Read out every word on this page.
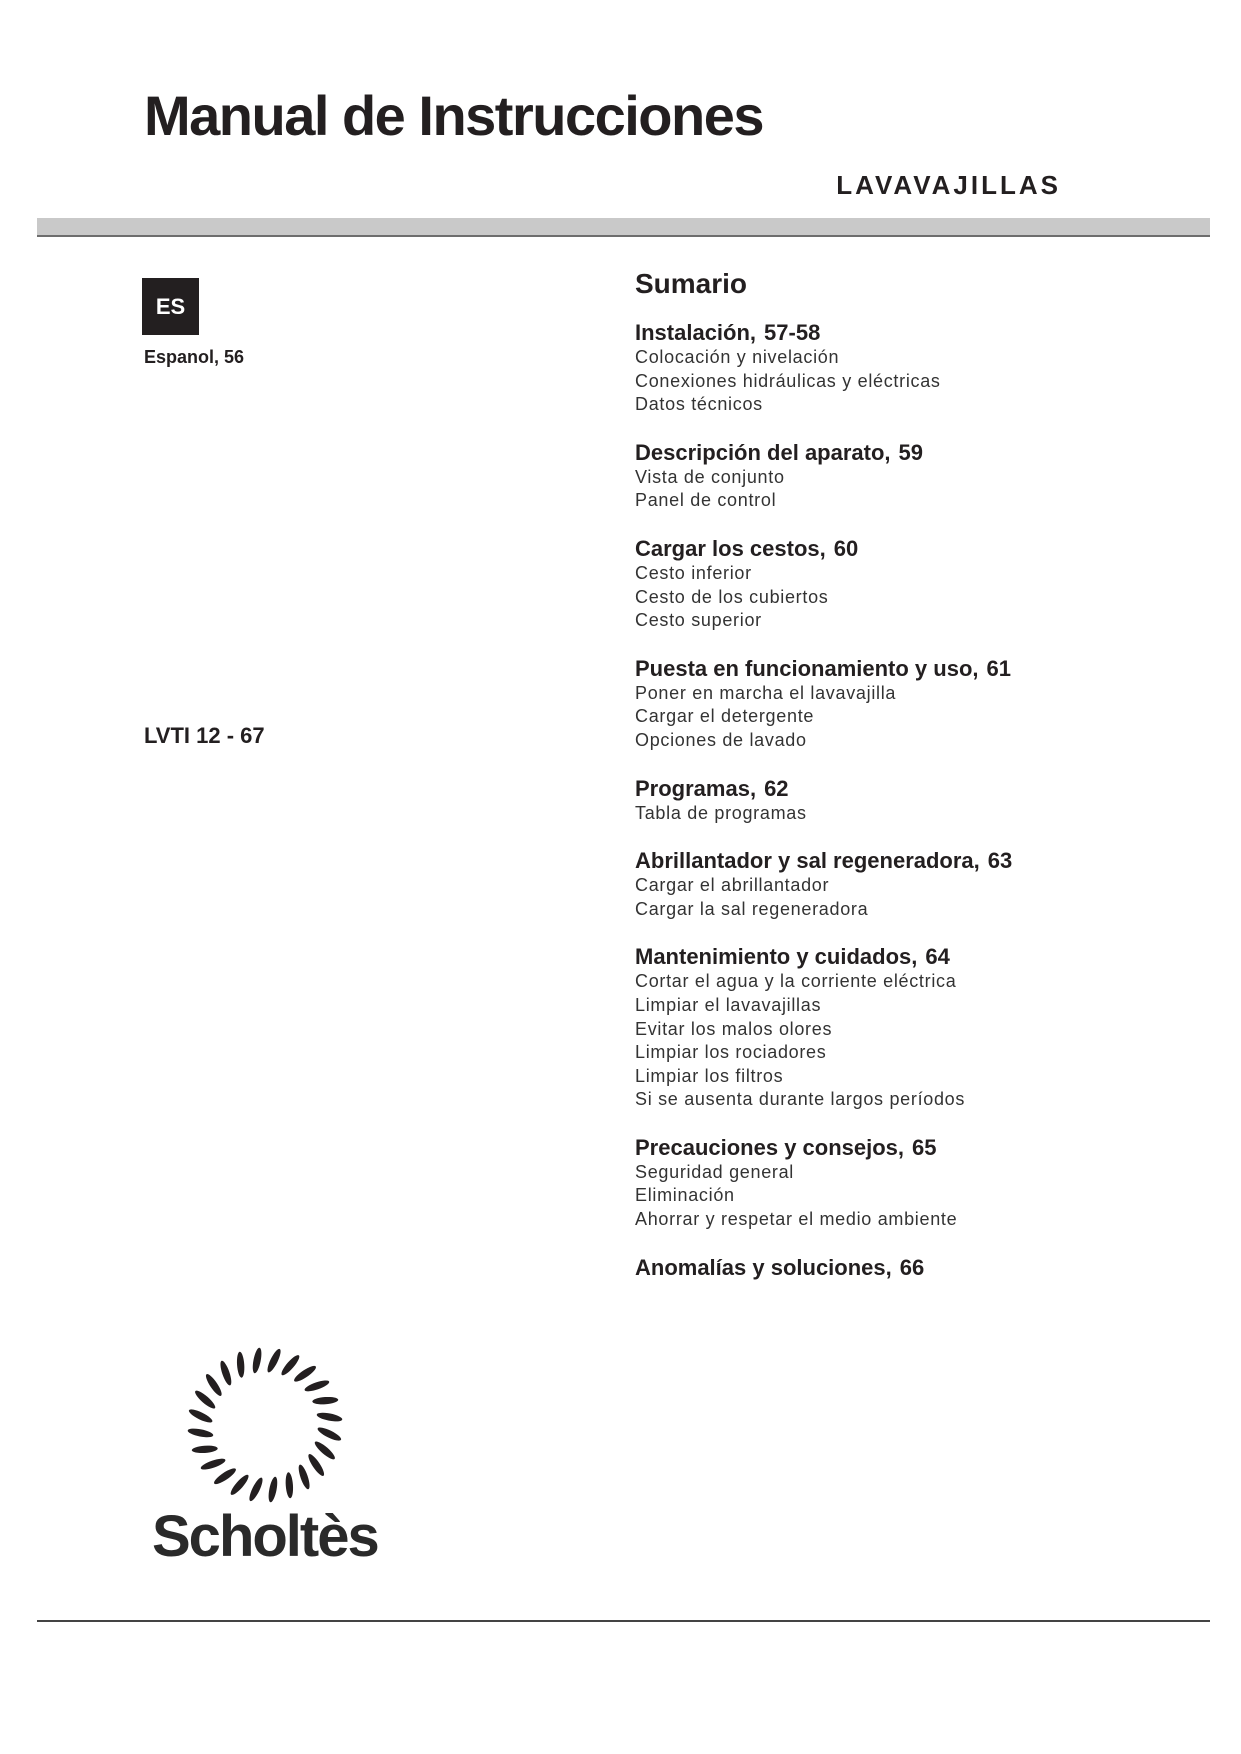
Manual de Instrucciones
LAVAVAJILLAS
ES
Espanol, 56
LVTI 12 - 67
Sumario
Instalación, 57-58
Colocación y nivelación
Conexiones hidráulicas y eléctricas
Datos técnicos
Descripción del aparato, 59
Vista de conjunto
Panel de control
Cargar los cestos, 60
Cesto inferior
Cesto de los cubiertos
Cesto superior
Puesta en funcionamiento y uso, 61
Poner en marcha el lavavajilla
Cargar el detergente
Opciones de lavado
Programas, 62
Tabla de programas
Abrillantador y sal regeneradora, 63
Cargar el abrillantador
Cargar la sal regeneradora
Mantenimiento y cuidados, 64
Cortar el agua y la corriente eléctrica
Limpiar el lavavajillas
Evitar los malos olores
Limpiar los rociadores
Limpiar los filtros
Si se ausenta durante largos períodos
Precauciones y consejos, 65
Seguridad general
Eliminación
Ahorrar y respetar el medio ambiente
Anomalías y soluciones, 66
Scholtès
